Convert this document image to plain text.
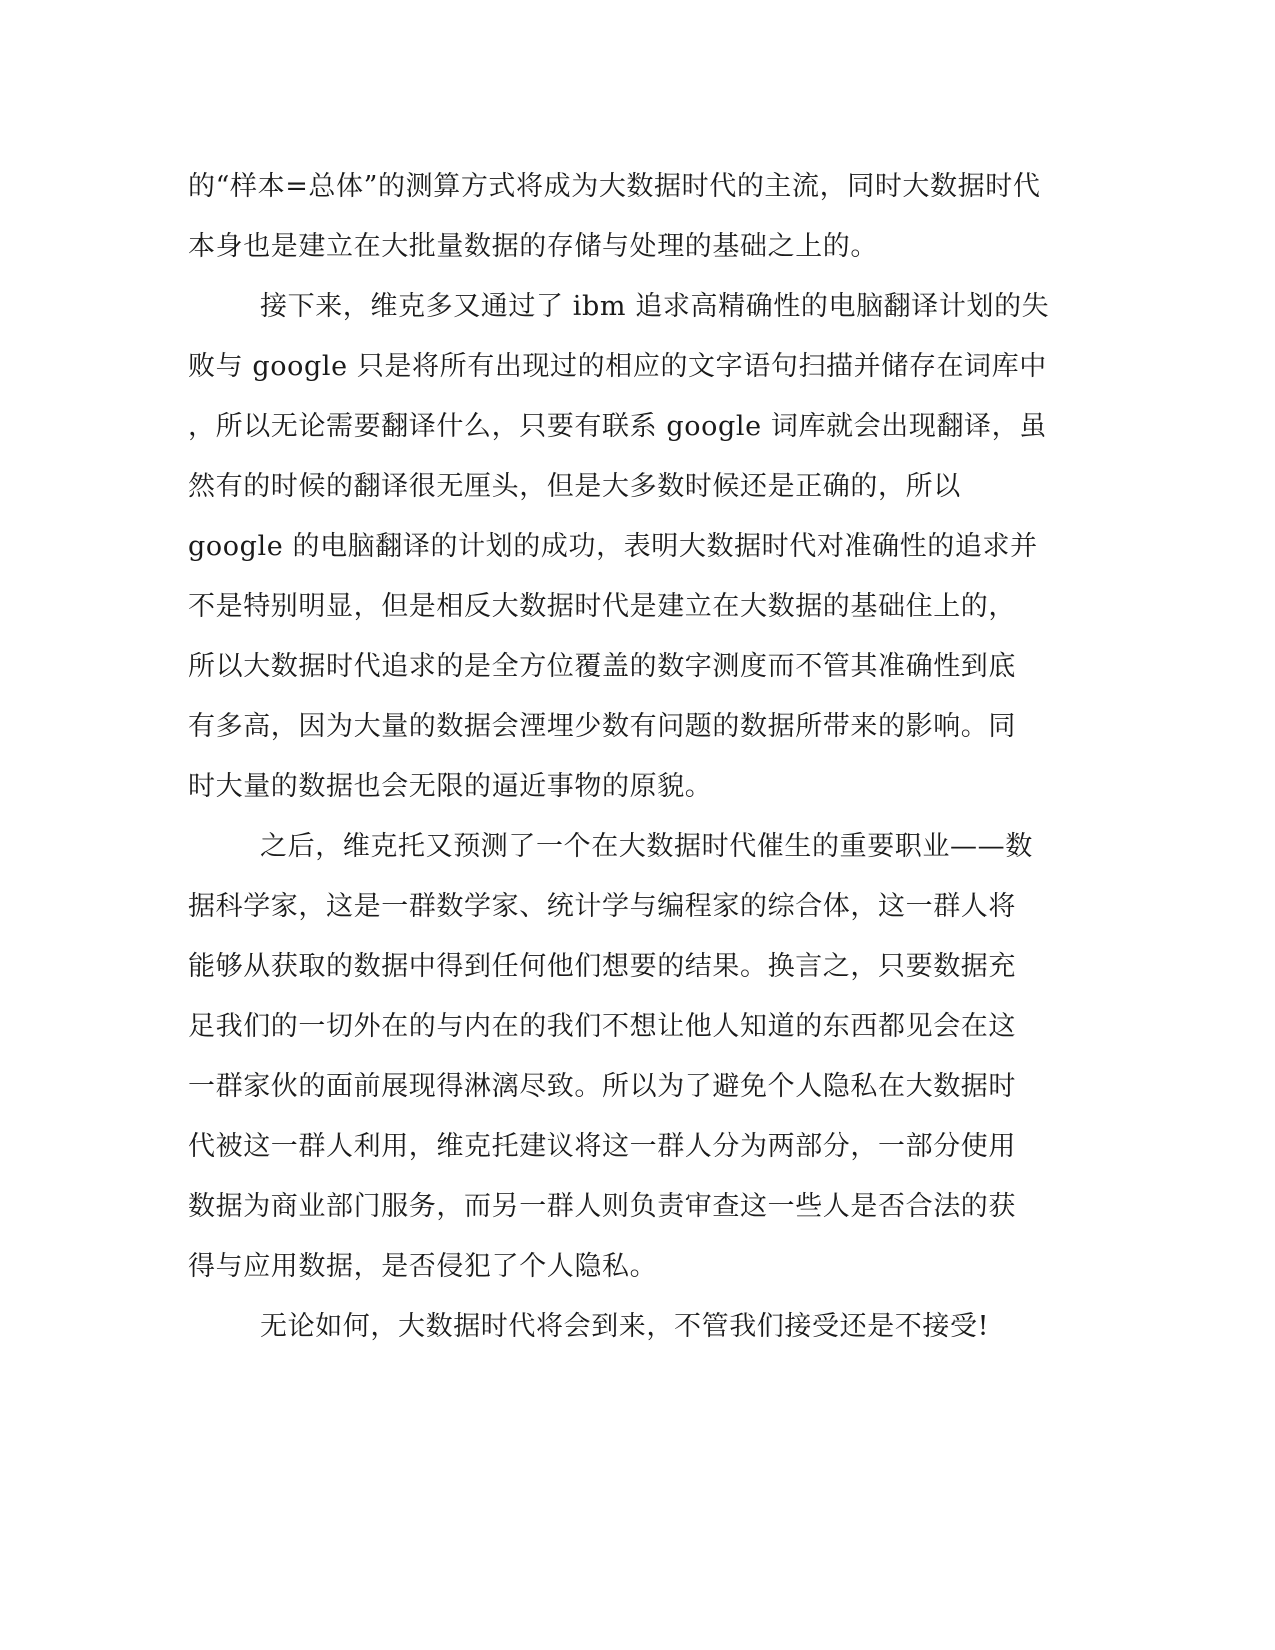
的“样本=总体”的测算方式将成为大数据时代的主流，同时大数据时代
本身也是建立在大批量数据的存储与处理的基础之上的。
接下来，维克多又通过了 ibm 追求高精确性的电脑翻译计划的失
败与 google 只是将所有出现过的相应的文字语句扫描并储存在词库中
，所以无论需要翻译什么，只要有联系 google 词库就会出现翻译，虽
然有的时候的翻译很无厘头，但是大多数时候还是正确的，所以
google 的电脑翻译的计划的成功，表明大数据时代对准确性的追求并
不是特别明显，但是相反大数据时代是建立在大数据的基础住上的，
所以大数据时代追求的是全方位覆盖的数字测度而不管其准确性到底
有多高，因为大量的数据会湮埋少数有问题的数据所带来的影响。同
时大量的数据也会无限的逼近事物的原貌。
之后，维克托又预测了一个在大数据时代催生的重要职业——数
据科学家，这是一群数学家、统计学与编程家的综合体，这一群人将
能够从获取的数据中得到任何他们想要的结果。换言之，只要数据充
足我们的一切外在的与内在的我们不想让他人知道的东西都见会在这
一群家伙的面前展现得淋漓尽致。所以为了避免个人隐私在大数据时
代被这一群人利用，维克托建议将这一群人分为两部分，一部分使用
数据为商业部门服务，而另一群人则负责审查这一些人是否合法的获
得与应用数据，是否侵犯了个人隐私。
无论如何，大数据时代将会到来，不管我们接受还是不接受!
